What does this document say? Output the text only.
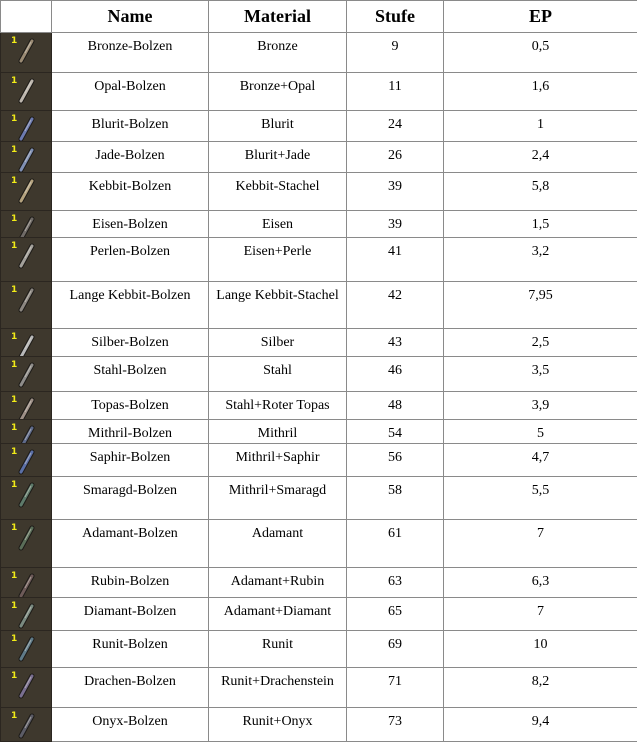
	Name	Material	Stufe	EP

1	Bronze-Bolzen	Bronze	9	0,5

1	Opal-Bolzen	Bronze+Opal	11	1,6

1	Blurit-Bolzen	Blurit	24	1

1	Jade-Bolzen	Blurit+Jade	26	2,4

1	Kebbit-Bolzen	Kebbit-Stachel	39	5,8

1	Eisen-Bolzen	Eisen	39	1,5

1	Perlen-Bolzen	Eisen+Perle	41	3,2

1	Lange Kebbit-Bolzen	Lange Kebbit-Stachel	42	7,95

1	Silber-Bolzen	Silber	43	2,5

1	Stahl-Bolzen	Stahl	46	3,5

1	Topas-Bolzen	Stahl+Roter Topas	48	3,9

1	Mithril-Bolzen	Mithril	54	5

1	Saphir-Bolzen	Mithril+Saphir	56	4,7

1	Smaragd-Bolzen	Mithril+Smaragd	58	5,5

1	Adamant-Bolzen	Adamant	61	7

1	Rubin-Bolzen	Adamant+Rubin	63	6,3

1	Diamant-Bolzen	Adamant+Diamant	65	7

1	Runit-Bolzen	Runit	69	10

1	Drachen-Bolzen	Runit+Drachenstein	71	8,2

1	Onyx-Bolzen	Runit+Onyx	73	9,4
